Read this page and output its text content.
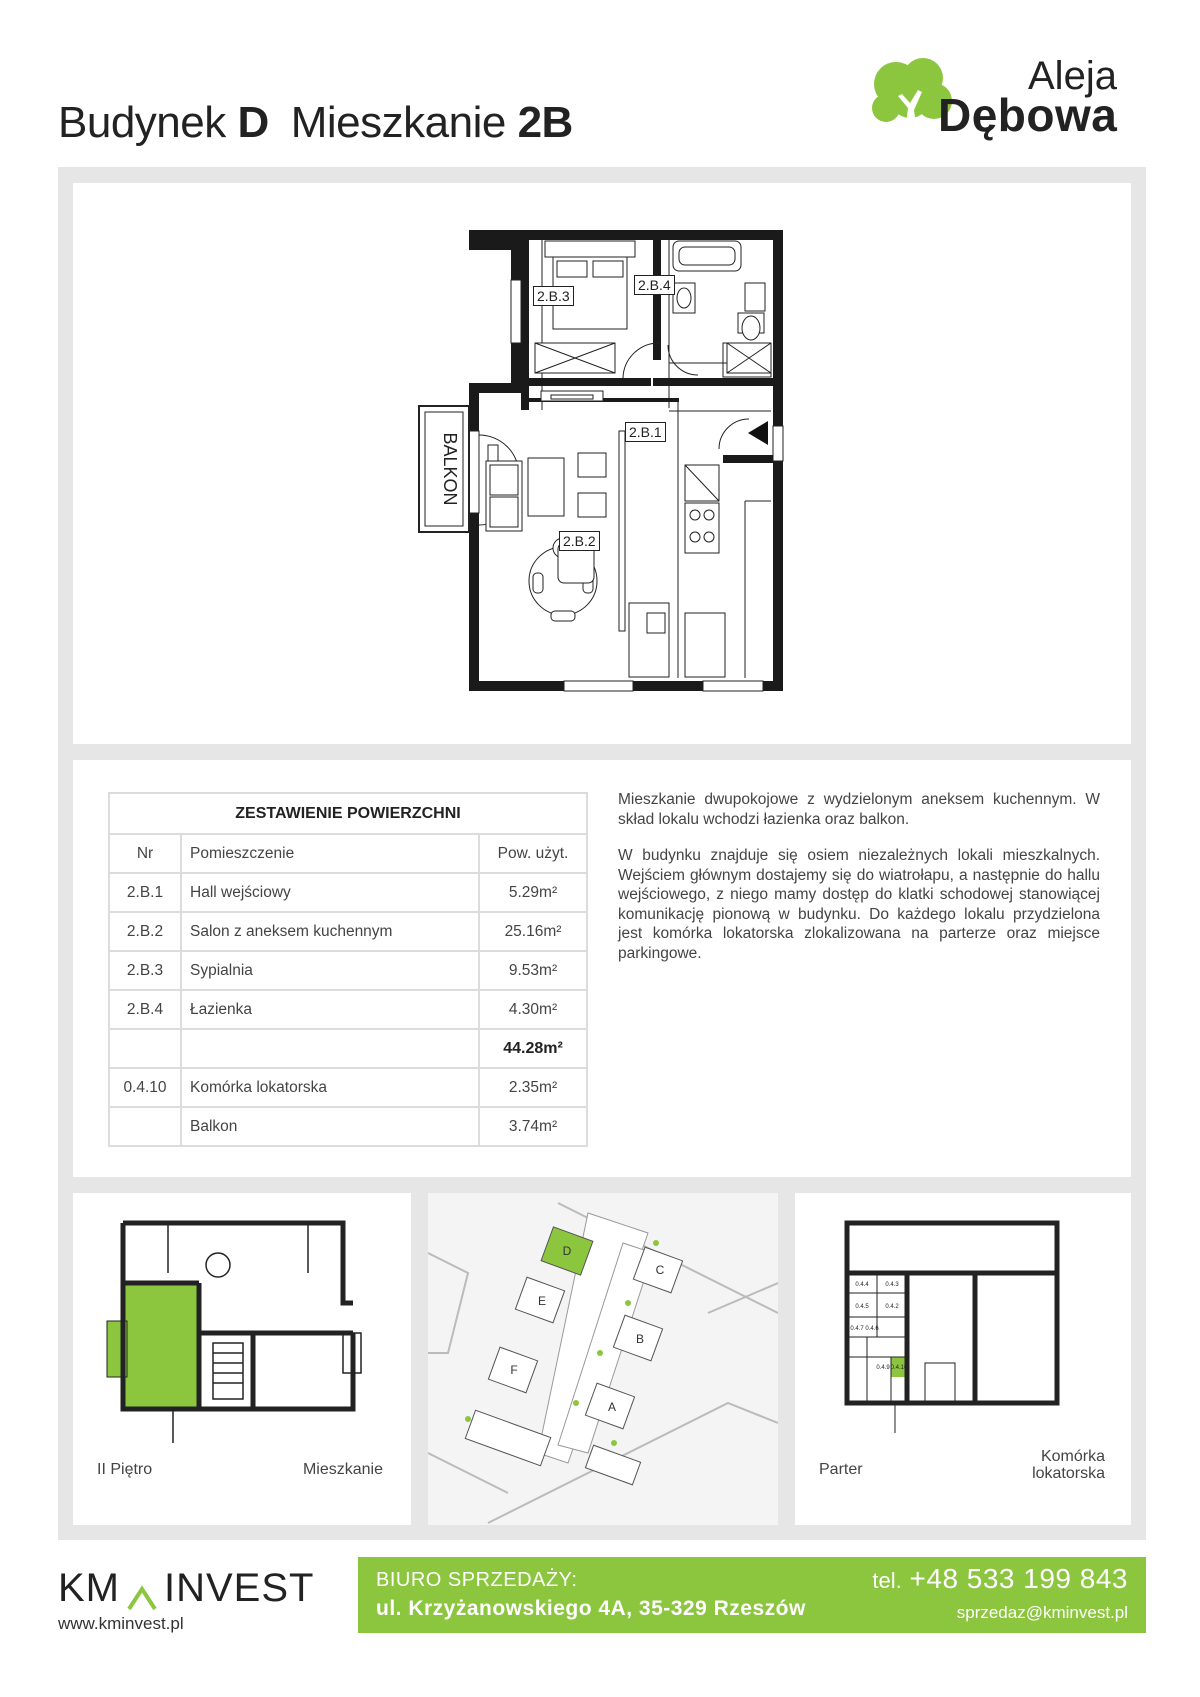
Budynek D Mieszkanie 2B
Aleja
Dębowa
BALKON
2.B.3
2.B.4
2.B.1
2.B.2
ZESTAWIENIE POWIERZCHNI		
Nr	Pomieszczenie	Pow. użyt.
2.B.1	Hall wejściowy	5.29m²
2.B.2	Salon z aneksem kuchennym	25.16m²
2.B.3	Sypialnia	9.53m²
2.B.4	Łazienka	4.30m²
		44.28m²
0.4.10	Komórka lokatorska	2.35m²
	Balkon	3.74m²

Mieszkanie dwupokojowe z wydzielonym aneksem kuchennym. W skład lokalu wchodzi łazienka oraz balkon.

W budynku znajduje się osiem niezależnych lokali mieszkalnych. Wejściem głównym dostajemy się do wiatrołapu, a następnie do hallu wejściowego, z niego mamy dostęp do klatki schodowej stanowiącej komunikację pionową w budynku. Do każdego lokalu przydzielona jest komórka lokatorska zlokalizowana na parterze oraz miejsce parkingowe.

II Piętro	Mieszkanie
D
C
B
A
E
F
0.4.4	0.4.3
0.4.5	0.4.2
0.4.7 0.4.6
0.4.9 0.4.10
Parter
Komórka
lokatorska
KM INVEST
www.kminvest.pl
BIURO SPRZEDAŻY:
ul. Krzyżanowskiego 4A, 35-329 Rzeszów
tel. +48 533 199 843
sprzedaz@kminvest.pl
